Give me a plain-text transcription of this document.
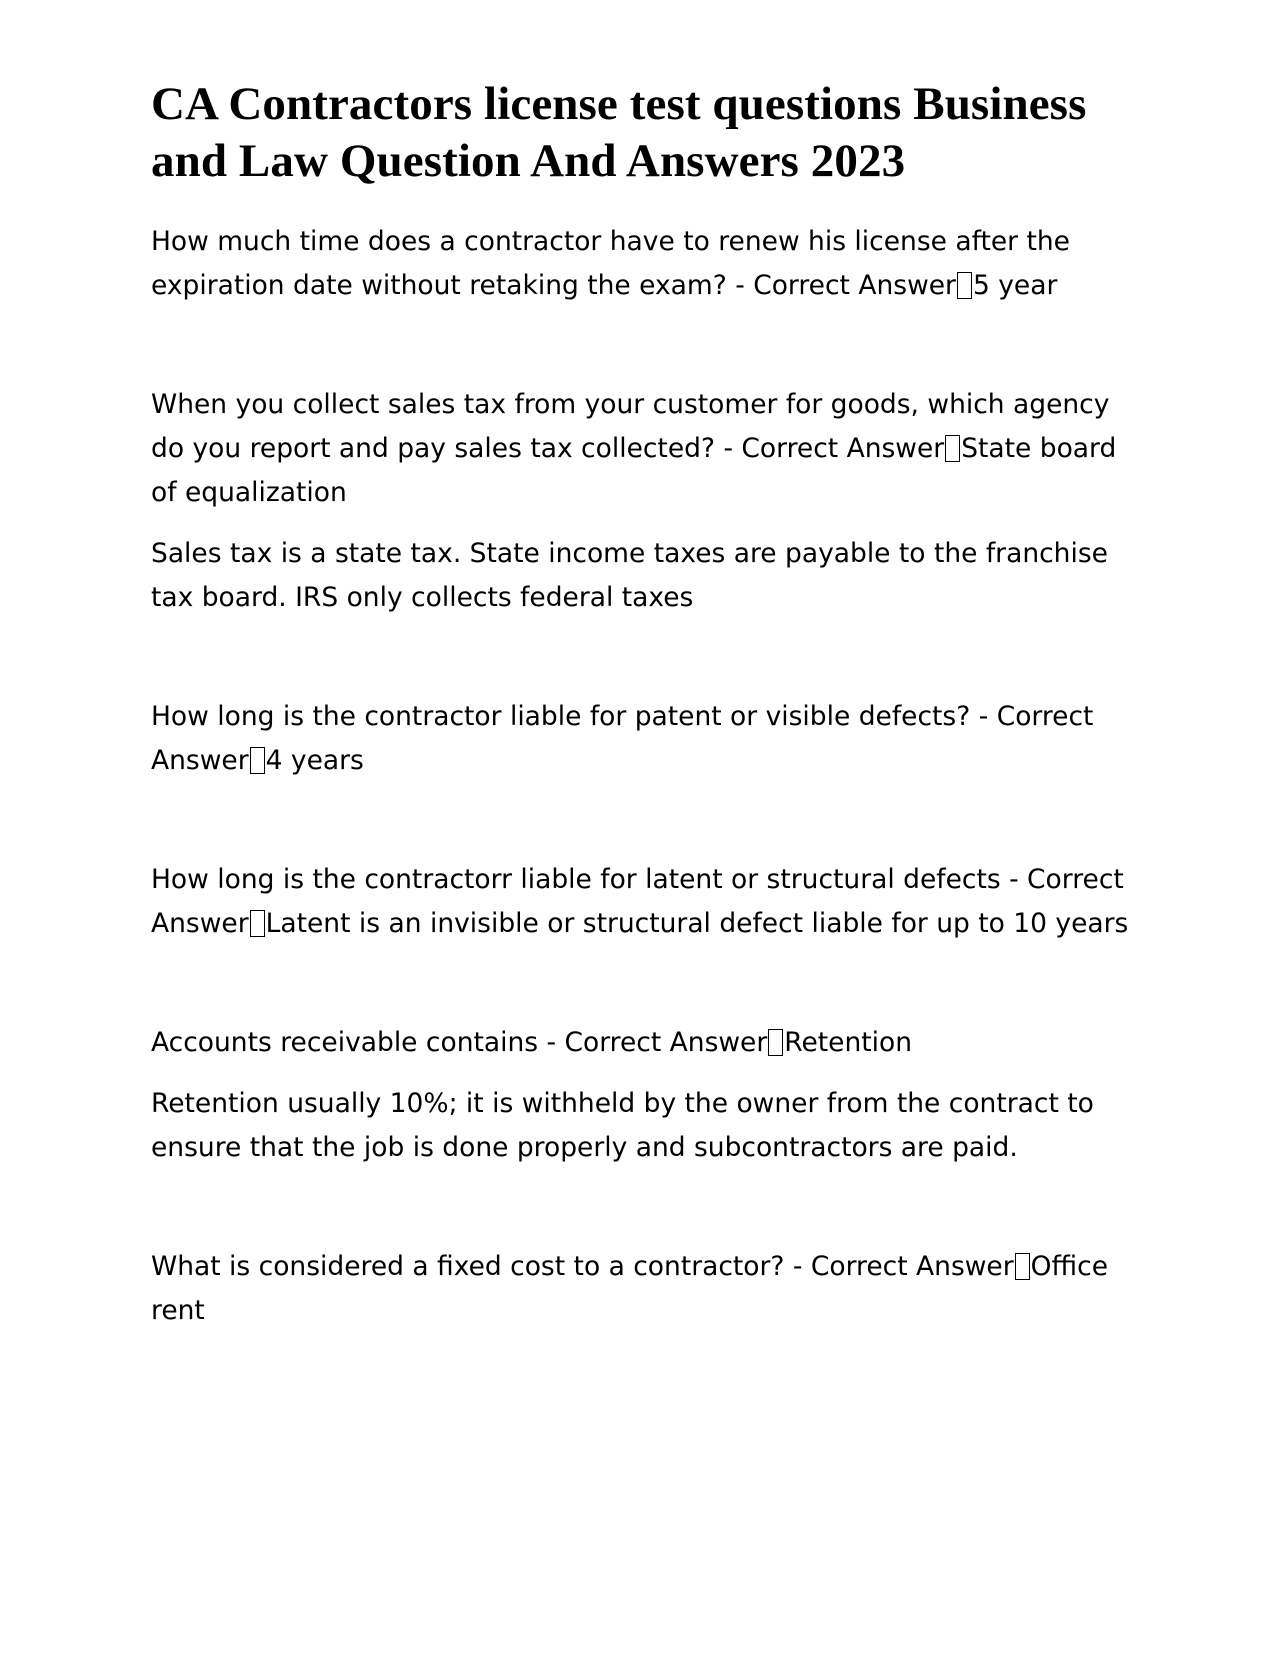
CA Contractors license test questions Business and Law Question And Answers 2023

How much time does a contractor have to renew his license after the expiration date without retaking the exam? - Correct Answer 5 year

When you collect sales tax from your customer for goods, which agency do you report and pay sales tax collected? - Correct Answer State board of equalization

Sales tax is a state tax. State income taxes are payable to the franchise tax board. IRS only collects federal taxes

How long is the contractor liable for patent or visible defects? - Correct Answer 4 years

How long is the contractorr liable for latent or structural defects - Correct Answer Latent is an invisible or structural defect liable for up to 10 years

Accounts receivable contains - Correct Answer Retention

Retention usually 10%; it is withheld by the owner from the contract to ensure that the job is done properly and subcontractors are paid.

What is considered a fixed cost to a contractor? - Correct Answer Office rent
